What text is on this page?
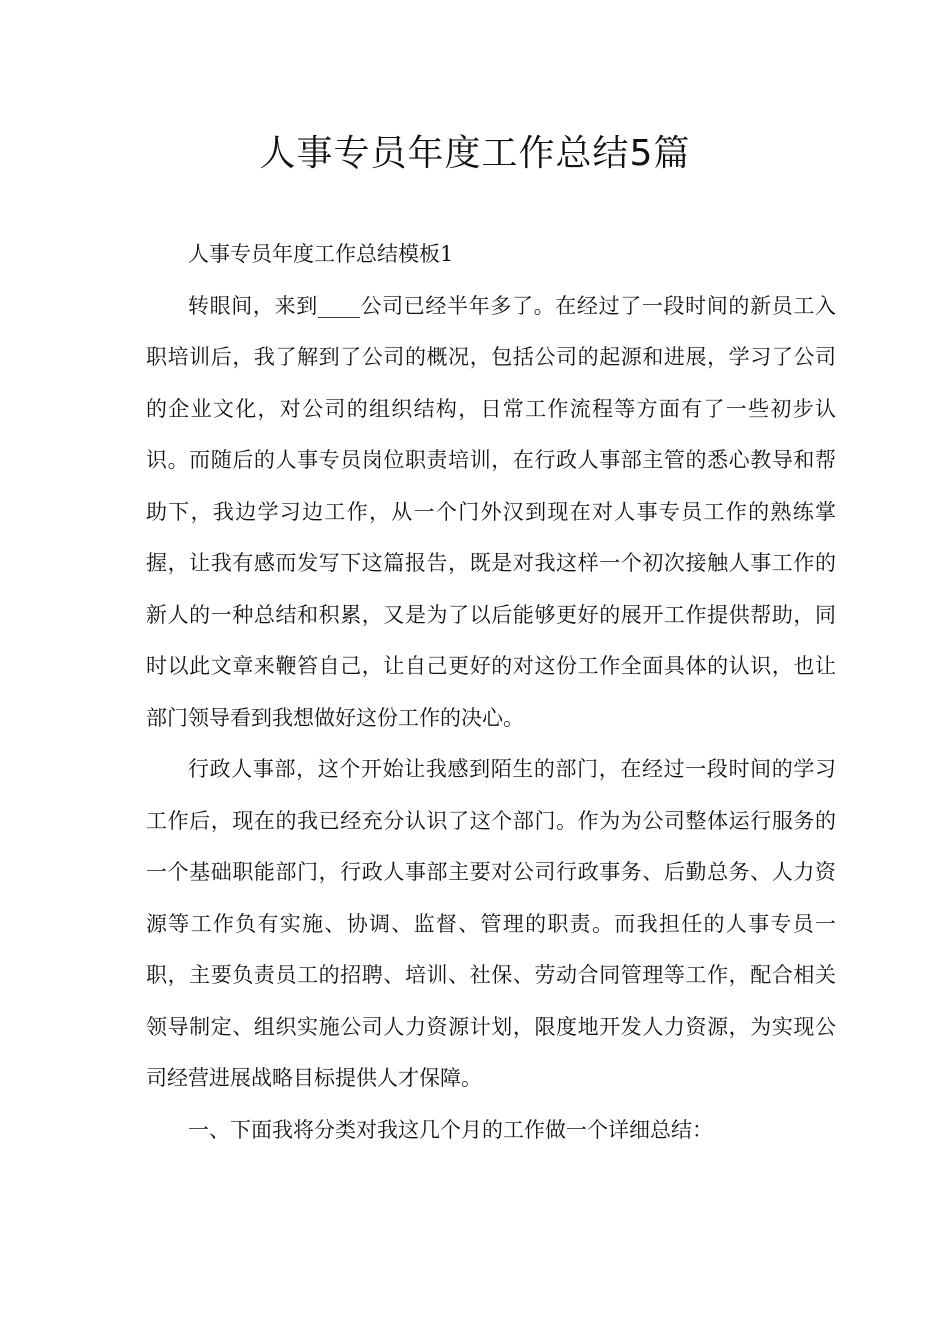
人事专员年度工作总结5篇

人事专员年度工作总结模板1

转眼间，来到____公司已经半年多了。在经过了一段时间的新员工入职培训后，我了解到了公司的概况，包括公司的起源和进展，学习了公司的企业文化，对公司的组织结构，日常工作流程等方面有了一些初步认识。而随后的人事专员岗位职责培训，在行政人事部主管的悉心教导和帮助下，我边学习边工作，从一个门外汉到现在对人事专员工作的熟练掌握，让我有感而发写下这篇报告，既是对我这样一个初次接触人事工作的新人的一种总结和积累，又是为了以后能够更好的展开工作提供帮助，同时以此文章来鞭笞自己，让自己更好的对这份工作全面具体的认识，也让部门领导看到我想做好这份工作的决心。

行政人事部，这个开始让我感到陌生的部门，在经过一段时间的学习工作后，现在的我已经充分认识了这个部门。作为为公司整体运行服务的一个基础职能部门，行政人事部主要对公司行政事务、后勤总务、人力资源等工作负有实施、协调、监督、管理的职责。而我担任的人事专员一职，主要负责员工的招聘、培训、社保、劳动合同管理等工作，配合相关领导制定、组织实施公司人力资源计划，限度地开发人力资源，为实现公司经营进展战略目标提供人才保障。

一、下面我将分类对我这几个月的工作做一个详细总结：
